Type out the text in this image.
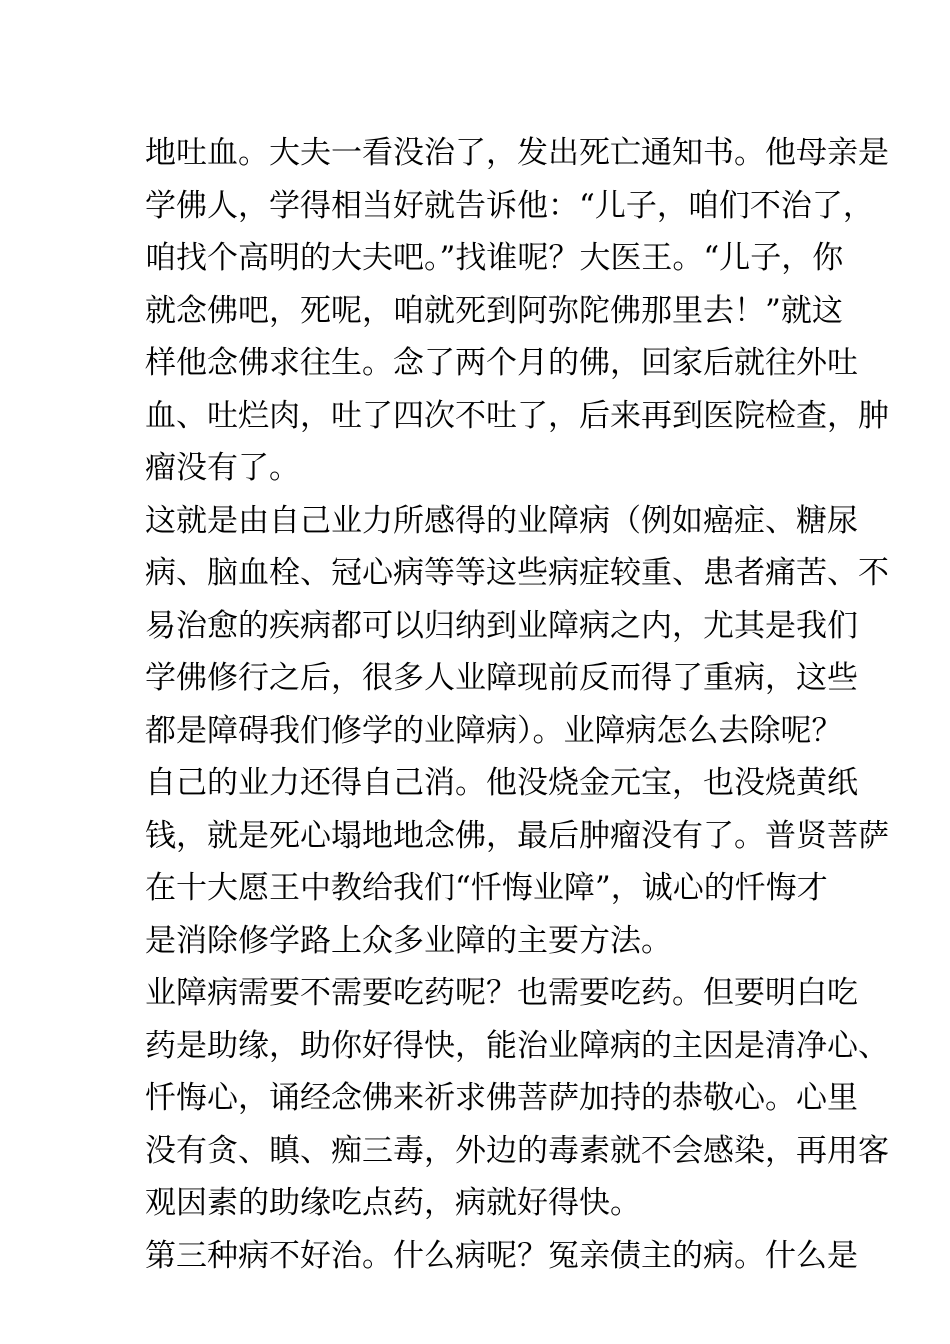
地吐血。大夫一看没治了，发出死亡通知书。他母亲是
学佛人，学得相当好就告诉他：“儿子，咱们不治了，
咱找个高明的大夫吧。”找谁呢？大医王。“儿子，你
就念佛吧，死呢，咱就死到阿弥陀佛那里去！”就这
样他念佛求往生。念了两个月的佛，回家后就往外吐
血、吐烂肉，吐了四次不吐了，后来再到医院检查，肿
瘤没有了。
这就是由自己业力所感得的业障病（例如癌症、糖尿
病、脑血栓、冠心病等等这些病症较重、患者痛苦、不
易治愈的疾病都可以归纳到业障病之内，尤其是我们
学佛修行之后，很多人业障现前反而得了重病，这些
都是障碍我们修学的业障病）。业障病怎么去除呢？
自己的业力还得自己消。他没烧金元宝，也没烧黄纸
钱，就是死心塌地地念佛，最后肿瘤没有了。普贤菩萨
在十大愿王中教给我们“忏悔业障”，诚心的忏悔才
是消除修学路上众多业障的主要方法。
业障病需要不需要吃药呢？也需要吃药。但要明白吃
药是助缘，助你好得快，能治业障病的主因是清净心、
忏悔心，诵经念佛来祈求佛菩萨加持的恭敬心。心里
没有贪、瞋、痴三毒，外边的毒素就不会感染，再用客
观因素的助缘吃点药，病就好得快。
第三种病不好治。什么病呢？冤亲债主的病。什么是
